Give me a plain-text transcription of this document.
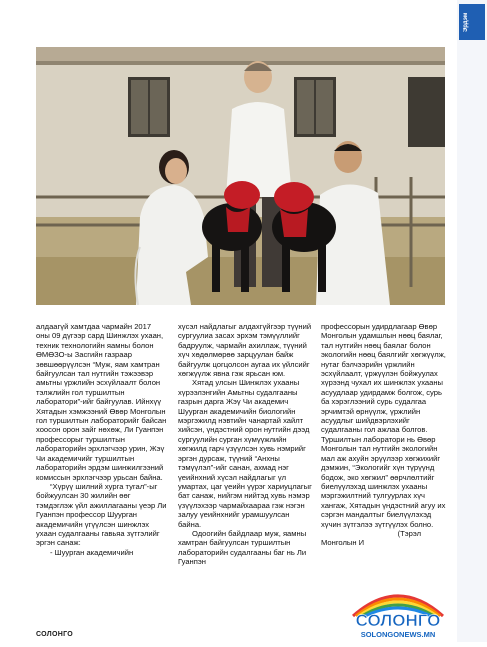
Эрдэм

алдаагүй хамтдаа чармайн 2017 оны 09 дүгээр сард Шинжлэх ухаан, техник технологийн яамны болон ӨМӨЗО-ы Засгийн газраар зөвшөөрүүлсэн “Муж, яам хамтран байгуулсан тал нутгийн тэжээвэр амьтны үржлийн эсхүйлаалт болон тэлжлийн гол туршилтын лаборатори”-ийг байгуулав. Ийнхүү Хятадын хэмжээний Өвөр Монголын гол туршилтын лабораторийг байсан хоосон орон зайг нөхөж, Ли Гуанпэн профессорыг туршилтын лабораторийн эрхлэгчээр урин, Жэү Чи академичийг туршилтын лабораторийн эрдэм шинжилгээний комиссын эрхлэгчээр урьсан байна.

“Хүрүү шилний хурга тугал”-ыг бойжуулсан 30 жилийн өөг тэмдэглэж үйл ажиллагааны үеэр Ли Гуанпэн профессор Шуурган академичийн үгүүлсэн шинжлэх ухаан судалгааны гавьяа зүтгэлийг эргэн санаж:

- Шуурган академичийн

хүсэл найдлагыг алдахгүйгээр түүний сургуулиа засах эрхэм тэмүүллийг бадруулж, чармайн ахиллаж, түүний хүч хөдөлмөрөө зарцуулан байж байгуулж цогцолсон аугаа их үйлсийг хөгжүүлж явна гэж ярьсан юм.

Хятад улсын Шинжлэх ухааны хүрээлэнгийн Амьтны судалгааны газрын дарга Жэү Чи академич Шуурган академичийн биологийн мэргэжилд нэвтийн чанартай хайлт хийсэн, үндэстний орон нутгийн дээд сургуулийн сурган хүмүүжлийн хөгжилд гарч үзүүлсэн хувь нэмрийг эргэн дурсаж, түүний “Анхны тэмүүлэл”-ийг санан, ахмад нэг үеийнхний хүсэл найдлагыг үл умартах, цаг үеийн үүрэг хариуцлагыг бат санаж, нийгэм нийтэд хувь нэмэр үзүүлэхээр чармайхаараа гэж нэгэн залуу үеийнхнийг урамшуулсан байна.

Одоогийн байдлаар муж, яамны хамтран байгуулсан туршилтын лабораторийн судалгааны баг нь Ли Гуанпэн

профессорын удирдлагаар Өвөр Монголын удамшлын нөөц баялаг, тал нутгийн нөөц баялаг болон экологийн нөөц баялгийг хөгжүүлж, нутаг бэлчээрийн үржлийн эсхүйлаалт, үржүүлэн бойжуулах хүрээнд чухал их шинжлэх ухааны асуудлаар удирдамж болгож, сурь ба хэрэглээний сурь судалгаа эрчимтэй өрнүүлж, үржлийн асуудлыг шийдвэрлэхийг судалгааны гол ажлаа болгов. Туршилтын лаборатори нь Өвөр Монголын тал нутгийн экологийн мал аж ахуйн эрүүлээр хөгжихийг дэмжин, “Экологийг хүн түрүүнд бодож, эко хөгжил” өөрчлөлтийг биелүүлэхэд шинжлэх ухааны мэргэжилтний тулгуурлах хүч хангаж, Хятадын үндэстний агуу их сэргэн мандалтыг биелүүлэхэд хүчин зүтгэлээ зүтгүүлэх болно.

(Тэрэл

Монголын И

СОЛОНГО
СОЛОНГО
SOLONGONEWS.MN
